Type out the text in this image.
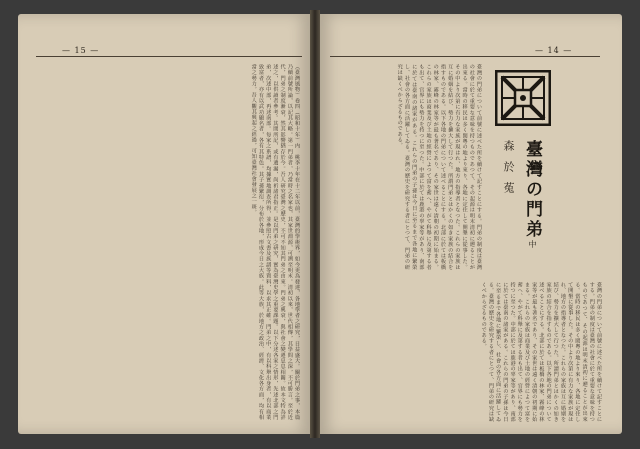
— 15 —	— 14 —
（臺灣風物）卷四（昭和十年）内　桃李十年在十二年以前，臺灣的學術界，如今更為發達，各地學者之研究，日益盛大。關於門弟之事，本篇乃續前號所論，以記其大略。第一門弟者，乃當時之名家也，其家世淵源，可溯至明末。清初以來，世代相傳，其學問之深，不可勝言。至於近代，門弟之制度漸衰，然其影響猶存於今。吾人研究臺灣之歷史，不可不知其門弟之由來。門弟之興衰，與社會之變遷息息相關。故本文特為詳述之，以供讀者參考。其間所記，或有遺漏，尚祈諸君指正。是以門弟之研究，實為臺灣史學之重要課題。以下分述各家之情形，先述北部之門弟，次述中部，再述南部。每家之系譜，均據實地調查所得，並參照古文書及族譜等資料，以求其正確。門弟之中，有以科舉出身者，有以商業致富者，亦有以武功顯名者，各有其特色。其子孫繁衍，分布於各地，形成今日之大族。此等大族，於地方之政治、經濟、文化各方面，均有相當之勢力。吾人觀其興起之經過，可知臺灣社會發展之一斑。	臺灣の門弟について前號に述べた所を續けて記すことにする。門弟の制度は臺灣の社會に於て重要な意味を持つものであつて、その起源は明末清初に遡ることが出來る。當時の移民は多く閩粵の地より來り、各地に定住して開墾に從事した。その中より次第に有力な家族が現はれ、地方の指導者となつた。これらの家族は互に婚姻を結び、勢力を擴大して行つた。所謂門弟とはかくの如き家族の結合を指すものである。以下各地の門弟について述べることにする。北部に於ては板橋の林家、霧峰の林家等が最も著名であり、その家世は遠く清朝の初期に始まる。これらの家族は商業及び土地の經營によつて富を蓄へ、やがて科舉に及第する者も出て、官界にも勢力を持つに至つた。中部に於ては鹿港の辜家等があり、南部に於ては臺南の諸家がある。これらの門弟の子孫は今日に至るまで各地に繁榮し、社會の各方面に活躍してゐる。臺灣の歷史を研究する者にとつて、門弟の研究は缺くべからざるものである。
臺灣の門弟中
森於菟
臺灣の門弟について前號に述べた所を續けて記すことにする。門弟の制度は臺灣の社會に於て重要な意味を持つものであつて、その起源は明末清初に遡ることが出來る。當時の移民は多く閩粵の地より來り、各地に定住して開墾に從事した。その中より次第に有力な家族が現はれ、地方の指導者となつた。これらの家族は互に婚姻を結び、勢力を擴大して行つた。所謂門弟とはかくの如き家族の結合を指すものである。以下各地の門弟について述べることにする。北部に於ては板橋の林家、霧峰の林家等が最も著名であり、その家世は遠く清朝の初期に始まる。これらの家族は商業及び土地の經營によつて富を蓄へ、やがて科舉に及第する者も出て、官界にも勢力を持つに至つた。中部に於ては鹿港の辜家等があり、南部に於ては臺南の諸家がある。これらの門弟の子孫は今日に至るまで各地に繁榮し、社會の各方面に活躍してゐる。臺灣の歷史を研究する者にとつて、門弟の研究は缺くべからざるものである。
